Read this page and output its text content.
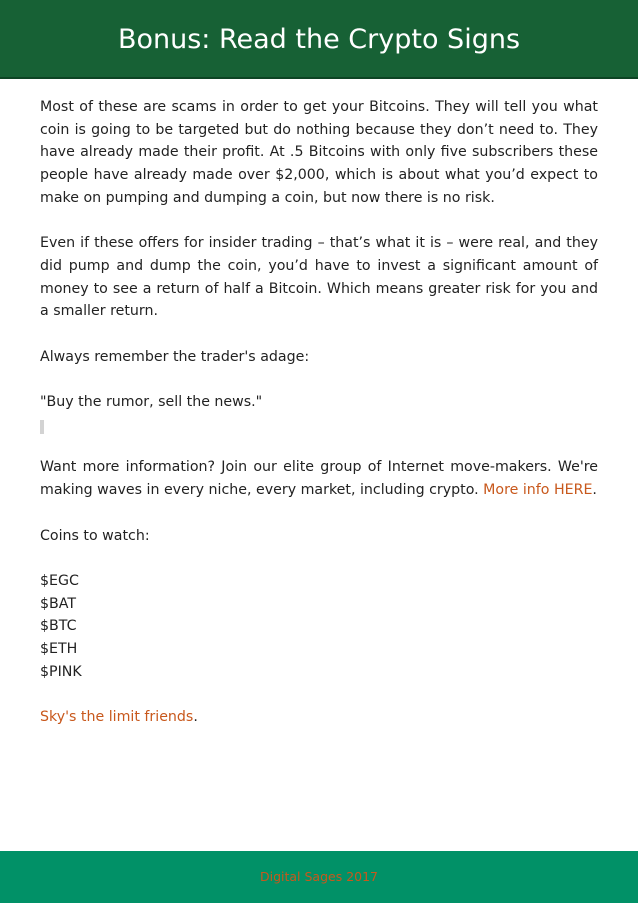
Bonus: Read the Crypto Signs

Most of these are scams in order to get your Bitcoins. They will tell you what coin is going to be targeted but do nothing because they don’t need to. They have already made their profit. At .5 Bitcoins with only five subscribers these people have already made over $2,000, which is about what you’d expect to make on pumping and dumping a coin, but now there is no risk.

Even if these offers for insider trading – that’s what it is – were real, and they did pump and dump the coin, you’d have to invest a significant amount of money to see a return of half a Bitcoin. Which means greater risk for you and a smaller return.

Always remember the trader's adage:

"Buy the rumor, sell the news."

Want more information? Join our elite group of Internet move-makers. We're making waves in every niche, every market, including crypto. More info HERE.

Coins to watch:

$EGC
$BAT
$BTC
$ETH
$PINK

Sky's the limit friends.

Digital Sages 2017
